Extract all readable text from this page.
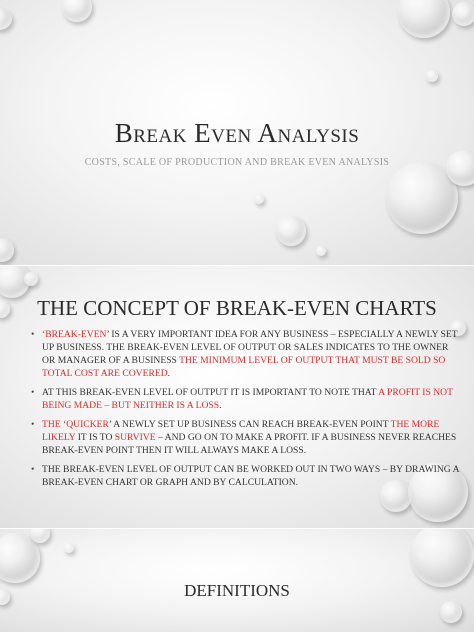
Break Even Analysis
COSTS, SCALE OF PRODUCTION AND BREAK EVEN ANALYSIS
THE CONCEPT OF BREAK-EVEN CHARTS
• ‘BREAK-EVEN’ IS A VERY IMPORTANT IDEA FOR ANY BUSINESS – ESPECIALLY A NEWLY SET UP BUSINESS. THE BREAK-EVEN LEVEL OF OUTPUT OR SALES INDICATES TO THE OWNER OR MANAGER OF A BUSINESS THE MINIMUM LEVEL OF OUTPUT THAT MUST BE SOLD SO TOTAL COST ARE COVERED.
• AT THIS BREAK-EVEN LEVEL OF OUTPUT IT IS IMPORTANT TO NOTE THAT A PROFIT IS NOT BEING MADE – BUT NEITHER IS A LOSS.
• THE ‘QUICKER’ A NEWLY SET UP BUSINESS CAN REACH BREAK-EVEN POINT THE MORE LIKELY IT IS TO SURVIVE – AND GO ON TO MAKE A PROFIT. IF A BUSINESS NEVER REACHES BREAK-EVEN POINT THEN IT WILL ALWAYS MAKE A LOSS.
• THE BREAK-EVEN LEVEL OF OUTPUT CAN BE WORKED OUT IN TWO WAYS – BY DRAWING A BREAK-EVEN CHART OR GRAPH AND BY CALCULATION.
DEFINITIONS
